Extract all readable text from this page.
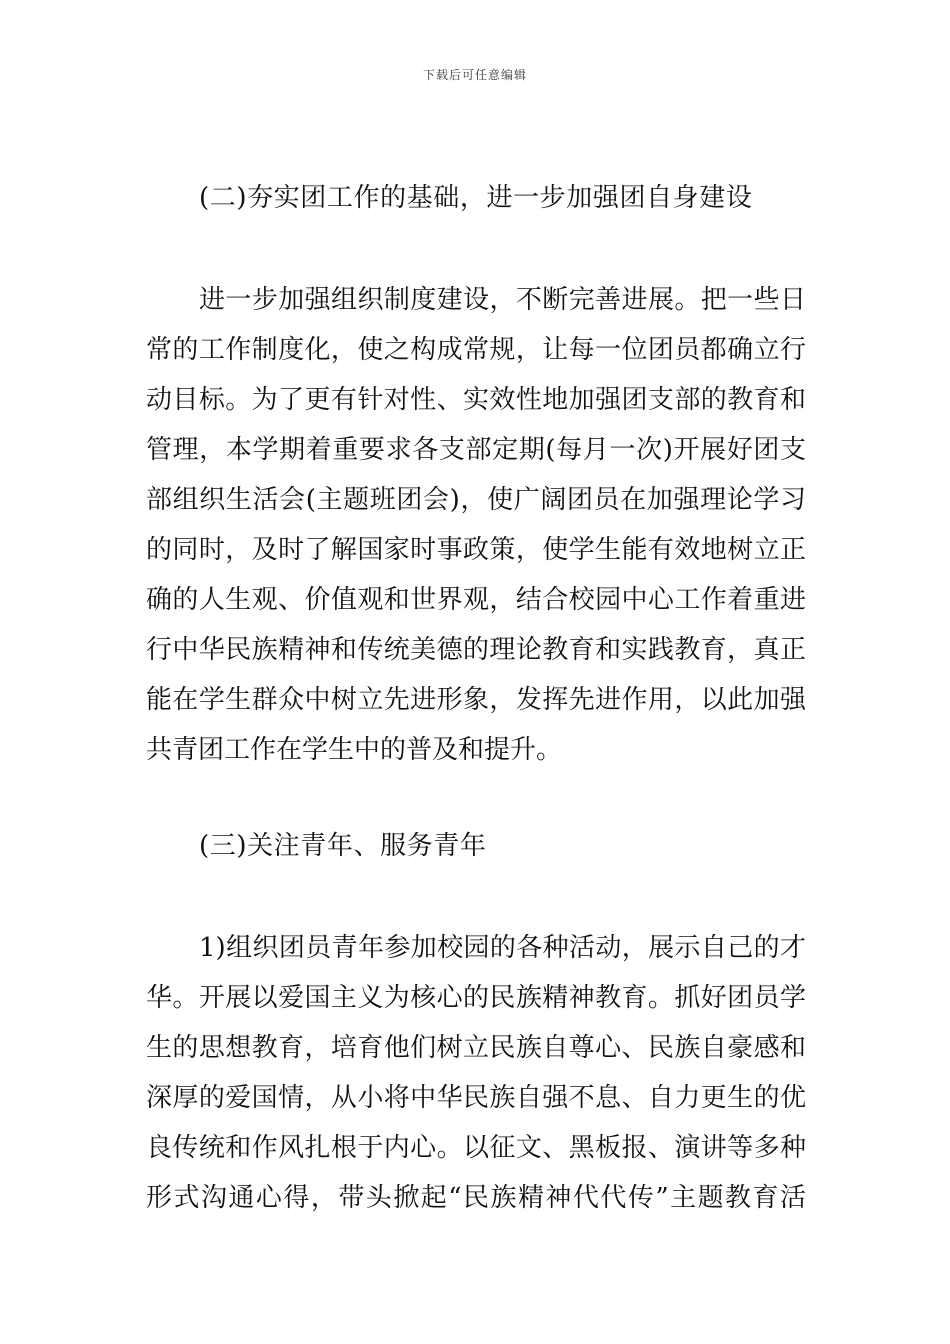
下载后可任意编辑
(二)夯实团工作的基础，进一步加强团自身建设
进一步加强组织制度建设，不断完善进展。把一些日
常的工作制度化，使之构成常规，让每一位团员都确立行
动目标。为了更有针对性、实效性地加强团支部的教育和
管理，本学期着重要求各支部定期(每月一次)开展好团支
部组织生活会(主题班团会)，使广阔团员在加强理论学习
的同时，及时了解国家时事政策，使学生能有效地树立正
确的人生观、价值观和世界观，结合校园中心工作着重进
行中华民族精神和传统美德的理论教育和实践教育，真正
能在学生群众中树立先进形象，发挥先进作用，以此加强
共青团工作在学生中的普及和提升。
(三)关注青年、服务青年
1)组织团员青年参加校园的各种活动，展示自己的才
华。开展以爱国主义为核心的民族精神教育。抓好团员学
生的思想教育，培育他们树立民族自尊心、民族自豪感和
深厚的爱国情，从小将中华民族自强不息、自力更生的优
良传统和作风扎根于内心。以征文、黑板报、演讲等多种
形式沟通心得，带头掀起“民族精神代代传”主题教育活
